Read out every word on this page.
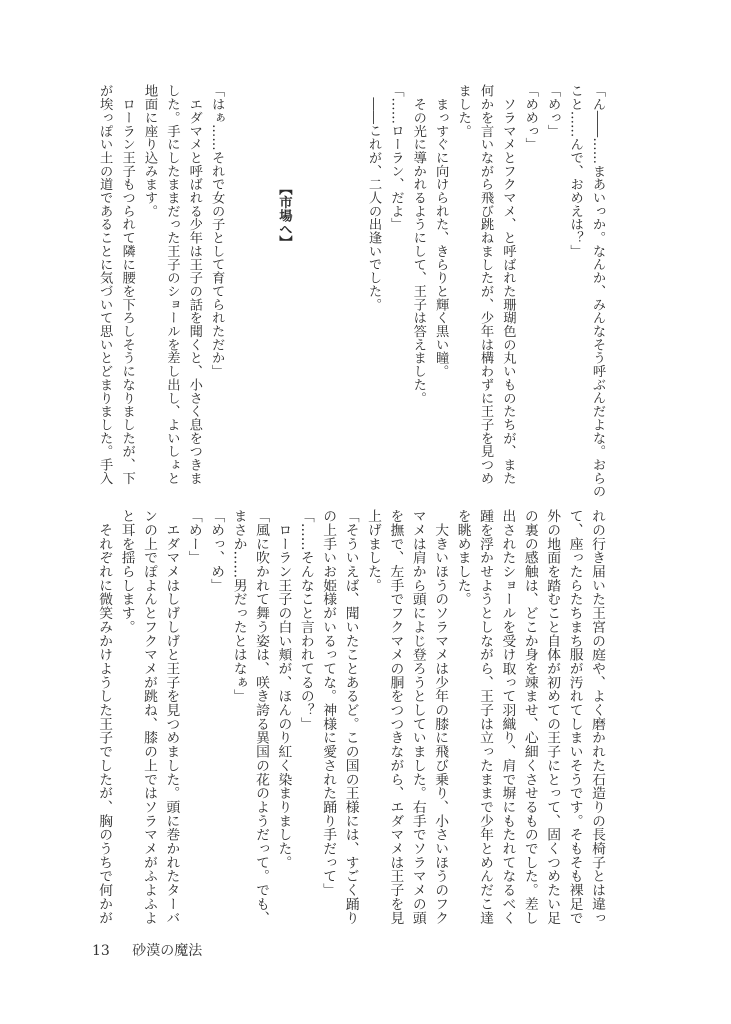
「ん――……まあいっか。なんか、みんなそう呼ぶんだよな。おらの
こと……んで、おめえは？」
「めっ」
「めめっ」
　ソラマメとフクマメ、と呼ばれた珊瑚色の丸いものたちが、また
何かを言いながら飛び跳ねましたが、少年は構わずに王子を見つめ
ました。
　まっすぐに向けられた、きらりと輝く黒い瞳。
　その光に導かれるようにして、王子は答えました。
「……ローラン、だよ」
　――これが、二人の出逢いでした。
【市場へ】
「はぁ……それで女の子として育てられただか」
　エダマメと呼ばれる少年は王子の話を聞くと、小さく息をつきま
した。手にしたままだった王子のショールを差し出し、よいしょと
地面に座り込みます。
　ローラン王子もつられて隣に腰を下ろしそうになりましたが、下
が埃っぽい土の道であることに気づいて思いとどまりました。手入
れの行き届いた王宮の庭や、よく磨かれた石造りの長椅子とは違っ
て、座ったらたちまち服が汚れてしまいそうです。そもそも裸足で
外の地面を踏むこと自体が初めての王子にとって、固くつめたい足
の裏の感触は、どこか身を竦ませ、心細くさせるものでした。差し
出されたショールを受け取って羽織り、肩で塀にもたれてなるべく
踵を浮かせようとしながら、王子は立ったままで少年とめんだこ達
を眺めました。
　大きいほうのソラマメは少年の膝に飛び乗り、小さいほうのフク
マメは肩から頭によじ登ろうとしていました。右手でソラマメの頭
を撫で、左手でフクマメの胴をつつきながら、エダマメは王子を見
上げました。
「そういえば、聞いたことあるど。この国の王様には、すごく踊り
の上手いお姫様がいるってな。神様に愛された踊り手だって」
「……そんなこと言われてるの？」
　ローラン王子の白い頬が、ほんのり紅く染まりました。
「風に吹かれて舞う姿は、咲き誇る異国の花のようだって。でも、
まさか……男だったとはなぁ」
「めっ、め」
「めー」
　エダマメはしげしげと王子を見つめました。頭に巻かれたターバ
ンの上でぽよんとフクマメが跳ね、膝の上ではソラマメがふよふよ
と耳を揺らします。
　それぞれに微笑みかけようした王子でしたが、胸のうちで何かが
13 砂漠の魔法
